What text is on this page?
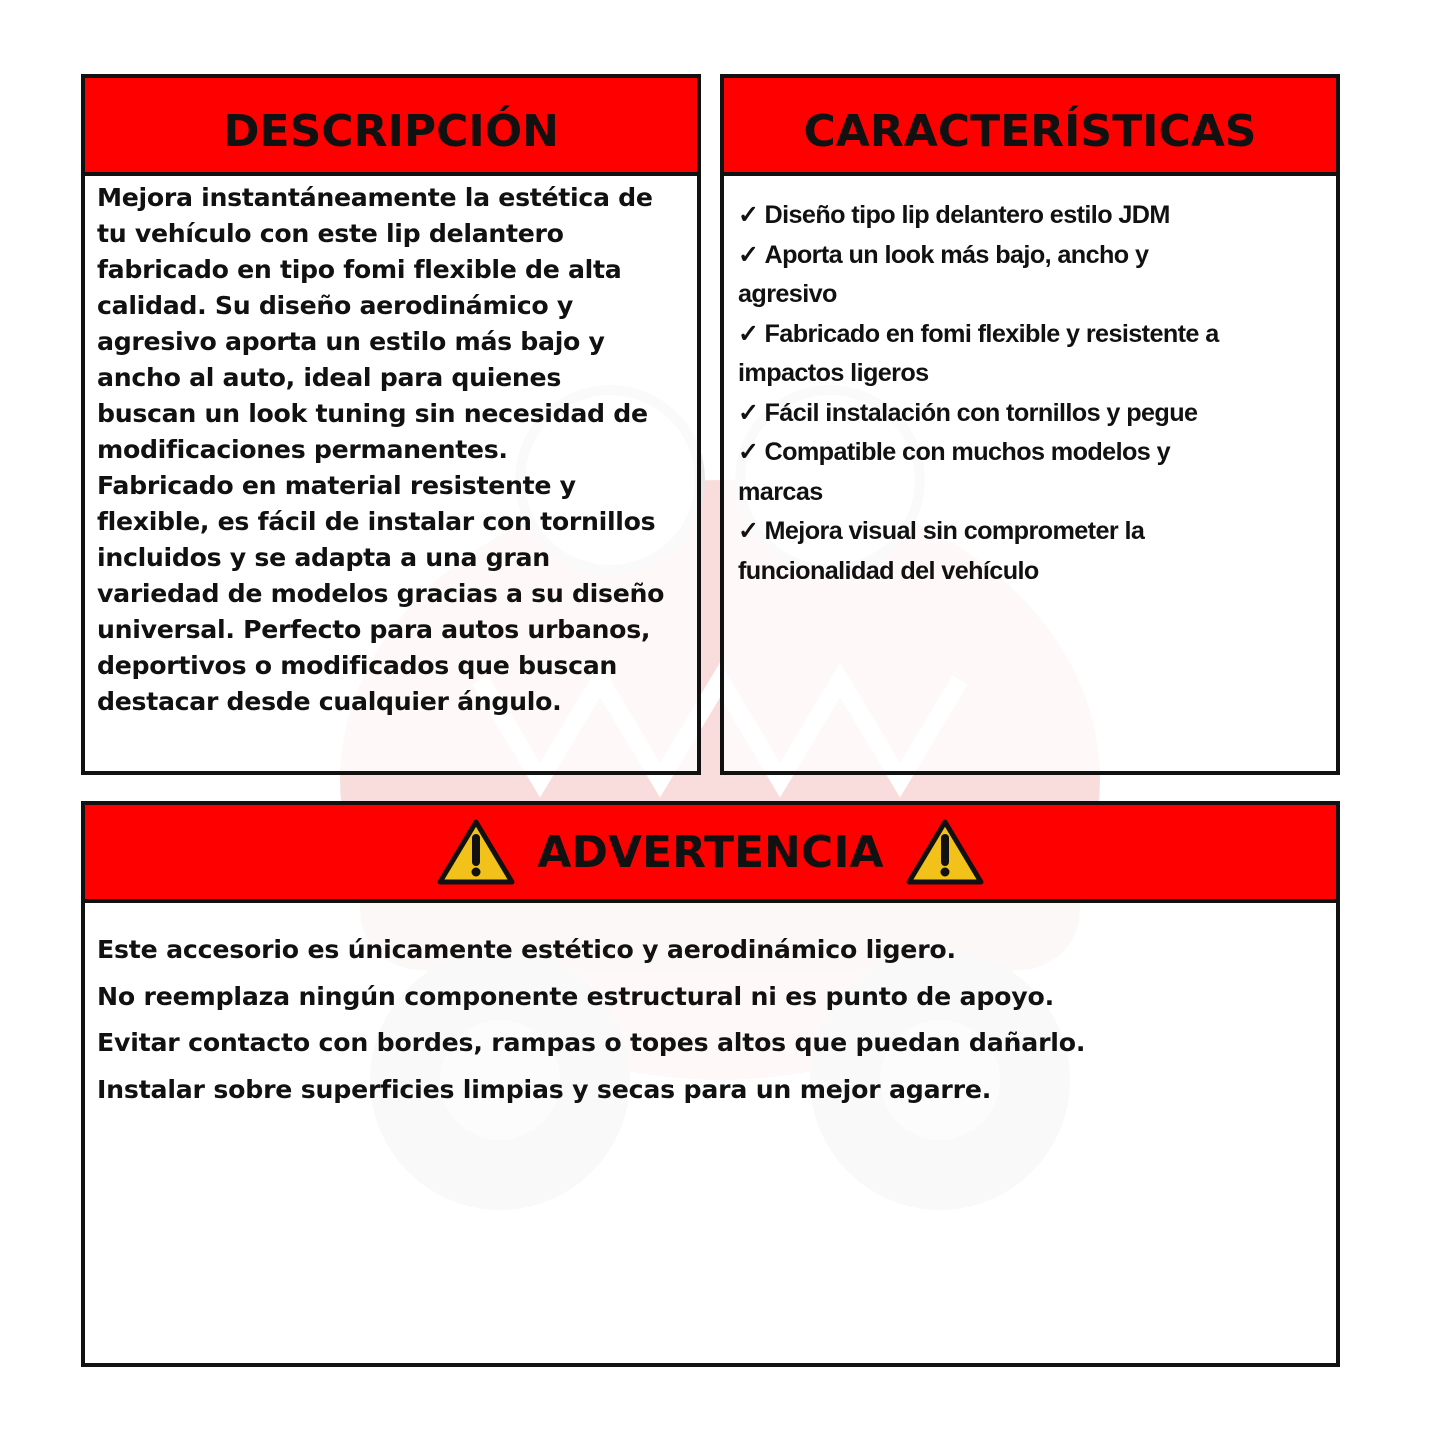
DESCRIPCIÓN
Mejora instantáneamente la estética de
tu vehículo con este lip delantero
fabricado en tipo fomi flexible de alta
calidad. Su diseño aerodinámico y
agresivo aporta un estilo más bajo y
ancho al auto, ideal para quienes
buscan un look tuning sin necesidad de
modificaciones permanentes.
Fabricado en material resistente y
flexible, es fácil de instalar con tornillos
incluidos y se adapta a una gran
variedad de modelos gracias a su diseño
universal. Perfecto para autos urbanos,
deportivos o modificados que buscan
destacar desde cualquier ángulo.
CARACTERÍSTICAS
✓ Diseño tipo lip delantero estilo JDM
✓ Aporta un look más bajo, ancho y
agresivo
✓ Fabricado en fomi flexible y resistente a
impactos ligeros
✓ Fácil instalación con tornillos y pegue
✓ Compatible con muchos modelos y
marcas
✓ Mejora visual sin comprometer la
funcionalidad del vehículo
ADVERTENCIA
Este accesorio es únicamente estético y aerodinámico ligero.
No reemplaza ningún componente estructural ni es punto de apoyo.
Evitar contacto con bordes, rampas o topes altos que puedan dañarlo.
Instalar sobre superficies limpias y secas para un mejor agarre.
